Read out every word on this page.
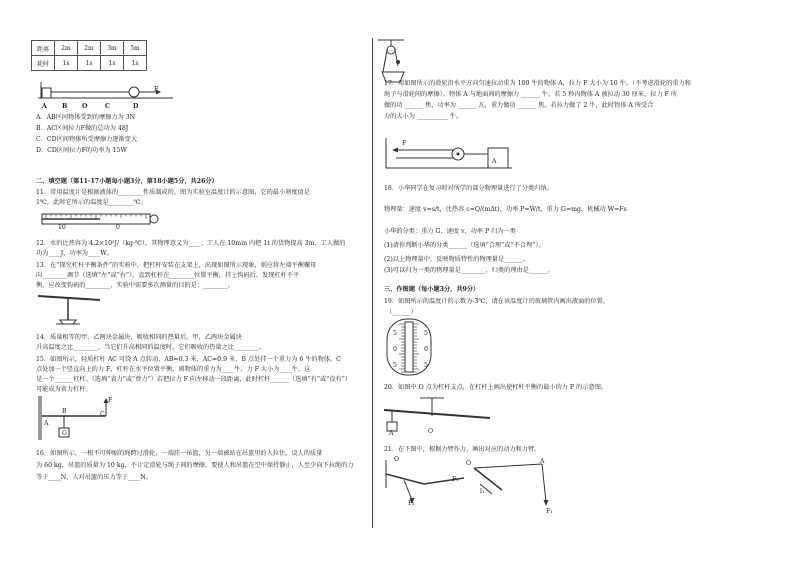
距离	2m	2m	3m	5m
耗时	1s	1s	1s	1s
F
A B O	C	D
A．AB区间物体受到的摩擦力为 3N
B．AC区间拉力F做的总功为 48J
C．CD区间物体所受摩擦力逐渐变大
D．CD区间拉力F的功率为 15W
二、填空题（第11-17小题每小题3分，第18小题5分，共26分）
11．常用温度计是根据液体的________性质制成的。图为实验室温度计的示意图，它的最小刻度值是
1℃，此时它所示的温度是________℃。
10	0
12．水的比热容为 4.2×10³J/（kg·℃），其物理意义为____；工人在 10min 内把 1t 的货物提高 3m，工人做的
功为____J，功率为____W。
13．在“探究杠杆平衡条件”的实验中，把杠杆安装在支架上，出现如图所示现象，则应将左端平衡螺母
向________调节（选填“左”或“右”），直到杠杆在________位置平衡，挂上钩码后，发现杠杆不平
衡，应改变钩码的________，实验中需要多次测量的目的是：________。
14．质量相等的甲、乙两块金属块，吸收相同的热量后，甲，乙两块金属块
升高温度之比________，当它们升高相同的温度时，它们吸收的热量之比________。
15．如图所示，轻质杠杆 AC 可绕 A 点转动，AB=0.3 米，AC=0.9 米，B 点处挂一个重力为 6 牛的物体，C
点处加一个竖直向上的力 F，杠杆在水平位置平衡，则物体的重力为____牛，力 F 大小为____牛，这
是一个______杠杆。（选填“省力”或“费力”）若把拉力 F 向左移动一段距离，此时杠杆______（选填“有”或“没有”）
可能成为省力杠杆。
A
B	C
F
G
16．如图所示，一根不可伸缩的绳跨过滑轮，一端挂一吊篮，另一端被站在吊篮里的人拉住。设人的质量
为 60 kg，吊篮的质量为 10 kg，不计定滑轮与绳子间的摩擦，要使人和吊篮在空中保持静止，人至少向下拉绳的力
等于____N，人对吊篮的压力等于____N。
17．用如图所示的滑轮沿水平方向匀速拉动重为 100 牛的物体 A，拉力 F 大小为 10 牛。（不考虑滑轮的重力和
绳子与滑轮间的摩擦）。物体 A 与地面间的摩擦力 ______ 牛。若 5 秒内物体 A 被拉动 30 厘米，拉力 F 所
做的功 ______ 焦，功率为 ______ 瓦，重力做功 ______ 焦。若拉力做了 2 牛，此时物体 A 所受合
力的大小为 __________ 牛。
F
A
18．小华同学在复习时对所学的部分物理量进行了分类归纳。
物理量：速度 v=s/t，比热容 c=Q/(mΔt)，功率 P=W/t，重力 G=mg，机械功 W=Fs
小华的分类：重力 G、速度 v、功率 P 归为一类
(1)请你判断小华的分类______（选填“合理”或“不合理”）。
(2)以上物理量中，反映物质特性的物理量是______。
(3)可以归为一类的物理量是________，归类的理由是______。
三、作图题（每小题3分，共9分）
19．如图所示的温度计的示数为-3℃，请在该温度计的玻璃管内画出液面的位置。
（______）
5
0
5
5
0
5
20．如图中 O 点为杠杆支点，在杠杆上画出使杠杆平衡的最小的力 F 的示意图。
A	O
21．在下图中，根据力臂作力，画出对应的动力和力臂。
O
F₂
F₁
O	A
l₁
F₁
